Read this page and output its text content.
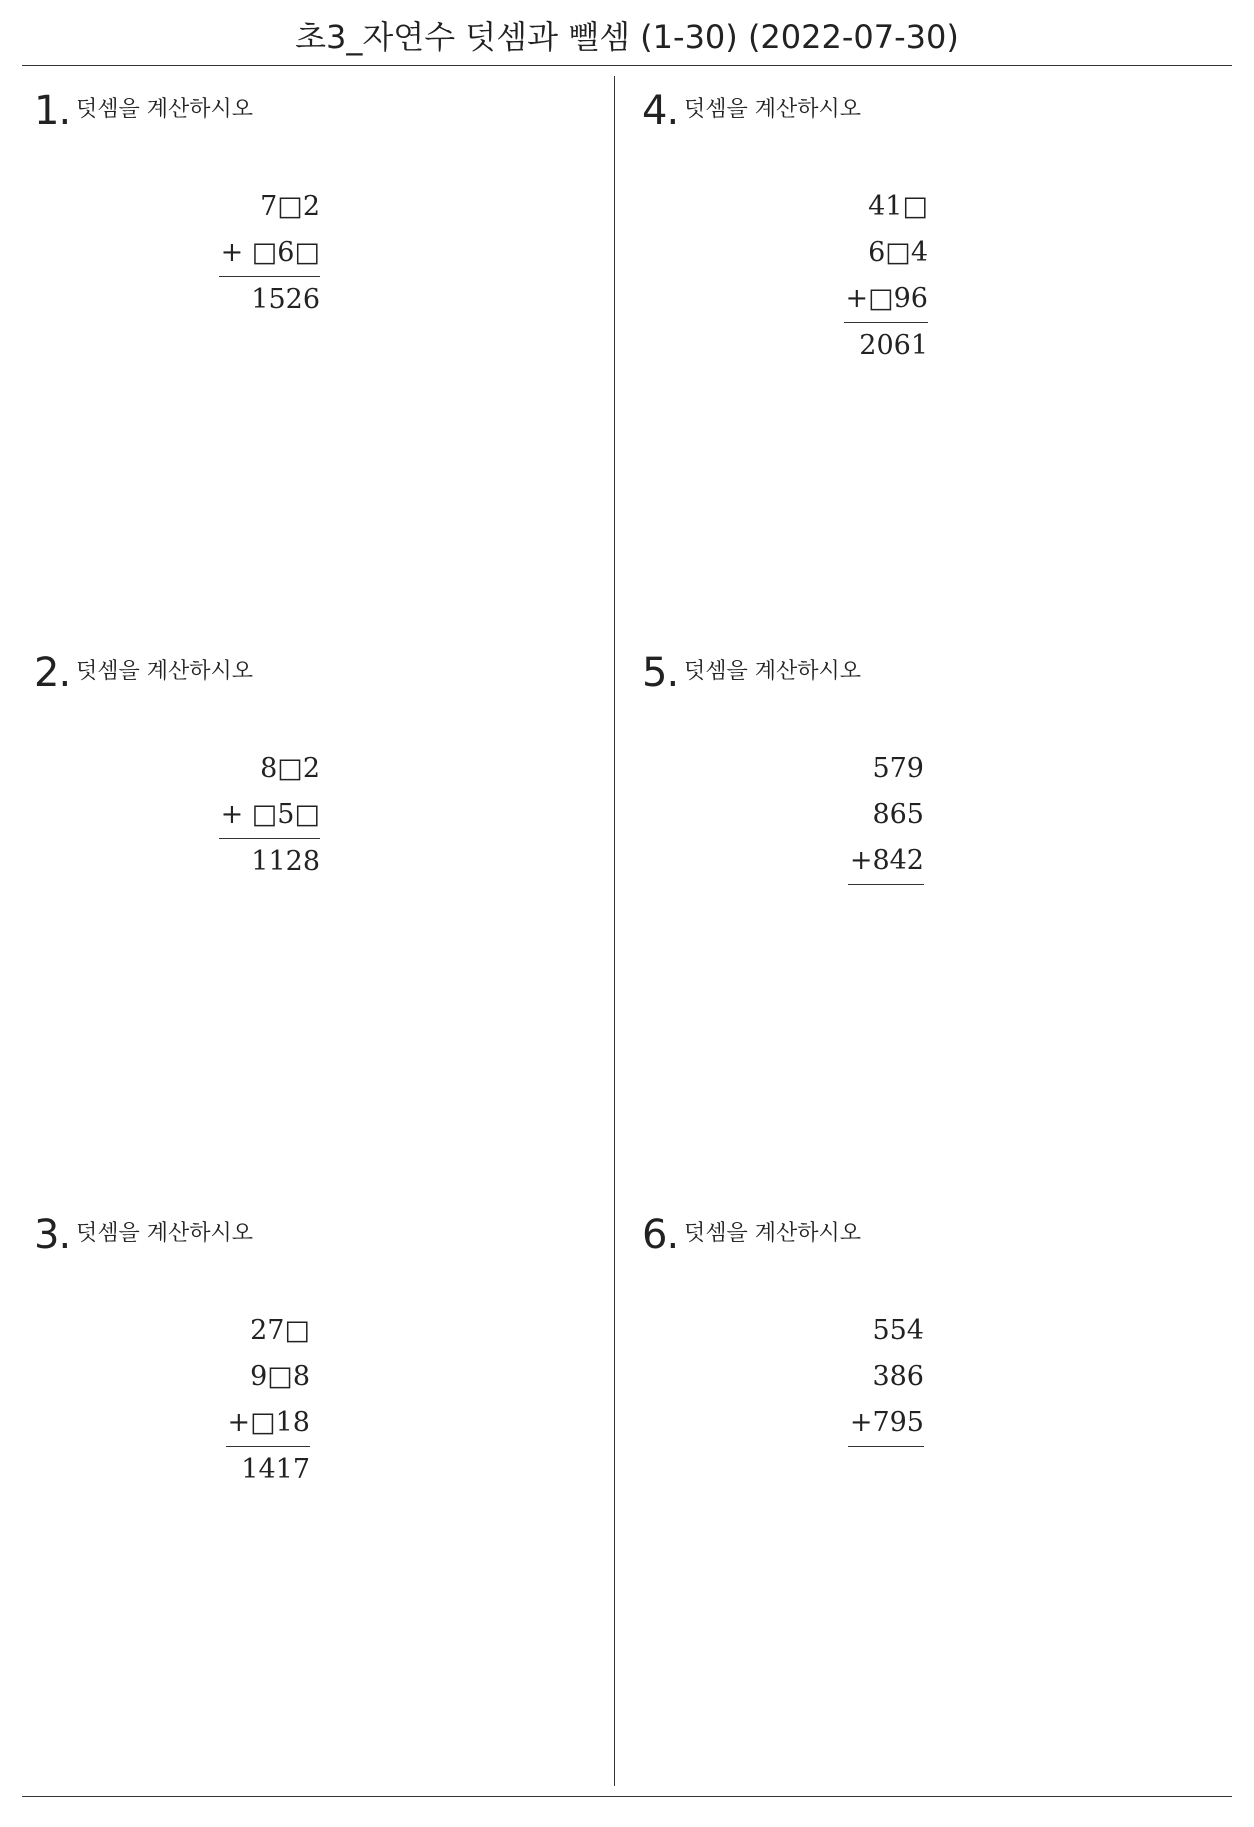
초3_자연수 덧셈과 뺄셈 (1-30) (2022-07-30)
1. 덧셈을 계산하시오
7□2
+ □6□
1526
2. 덧셈을 계산하시오
8□2
+ □5□
1128
3. 덧셈을 계산하시오
27□
9□8
+□18
1417
4. 덧셈을 계산하시오
41□
6□4
+□96
2061
5. 덧셈을 계산하시오
579
865
+842
6. 덧셈을 계산하시오
554
386
+795
